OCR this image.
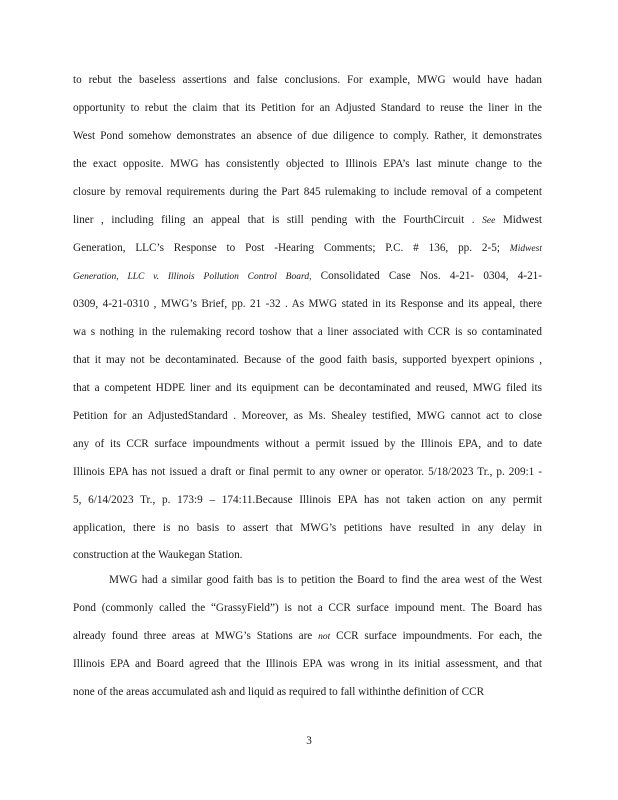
to rebut the baseless assertions and false conclusions. For example, MWG would have hadan
opportunity to rebut the claim that its Petition for an Adjusted Standard to reuse the liner in the
West Pond somehow demonstrates an absence of due diligence to comply. Rather, it demonstrates
the exact opposite. MWG has consistently objected to Illinois EPA’s last minute change to the
closure by removal requirements during the Part 845 rulemaking to include removal of a competent
liner , including filing an appeal that is still pending with the FourthCircuit . See Midwest
Generation, LLC’s Response to Post -Hearing Comments; P.C. # 136, pp. 2-5; Midwest
Generation, LLC v. Illinois Pollution Control Board, Consolidated Case Nos. 4-21- 0304, 4-21-
0309, 4-21-0310 , MWG’s Brief, pp. 21 -32 . As MWG stated in its Response and its appeal, there
wa s nothing in the rulemaking record toshow that a liner associated with CCR is so contaminated
that it may not be decontaminated. Because of the good faith basis, supported byexpert opinions ,
that a competent HDPE liner and its equipment can be decontaminated and reused, MWG filed its
Petition for an AdjustedStandard . Moreover, as Ms. Shealey testified, MWG cannot act to close
any of its CCR surface impoundments without a permit issued by the Illinois EPA, and to date
Illinois EPA has not issued a draft or final permit to any owner or operator. 5/18/2023 Tr., p. 209:1 -
5, 6/14/2023 Tr., p. 173:9 – 174:11.Because Illinois EPA has not taken action on any permit
application, there is no basis to assert that MWG’s petitions have resulted in any delay in
construction at the Waukegan Station.
MWG had a similar good faith bas is to petition the Board to find the area west of the West
Pond (commonly called the “GrassyField”) is not a CCR surface impound ment. The Board has
already found three areas at MWG’s Stations are not CCR surface impoundments. For each, the
Illinois EPA and Board agreed that the Illinois EPA was wrong in its initial assessment, and that
none of the areas accumulated ash and liquid as required to fall withinthe definition of CCR
3
